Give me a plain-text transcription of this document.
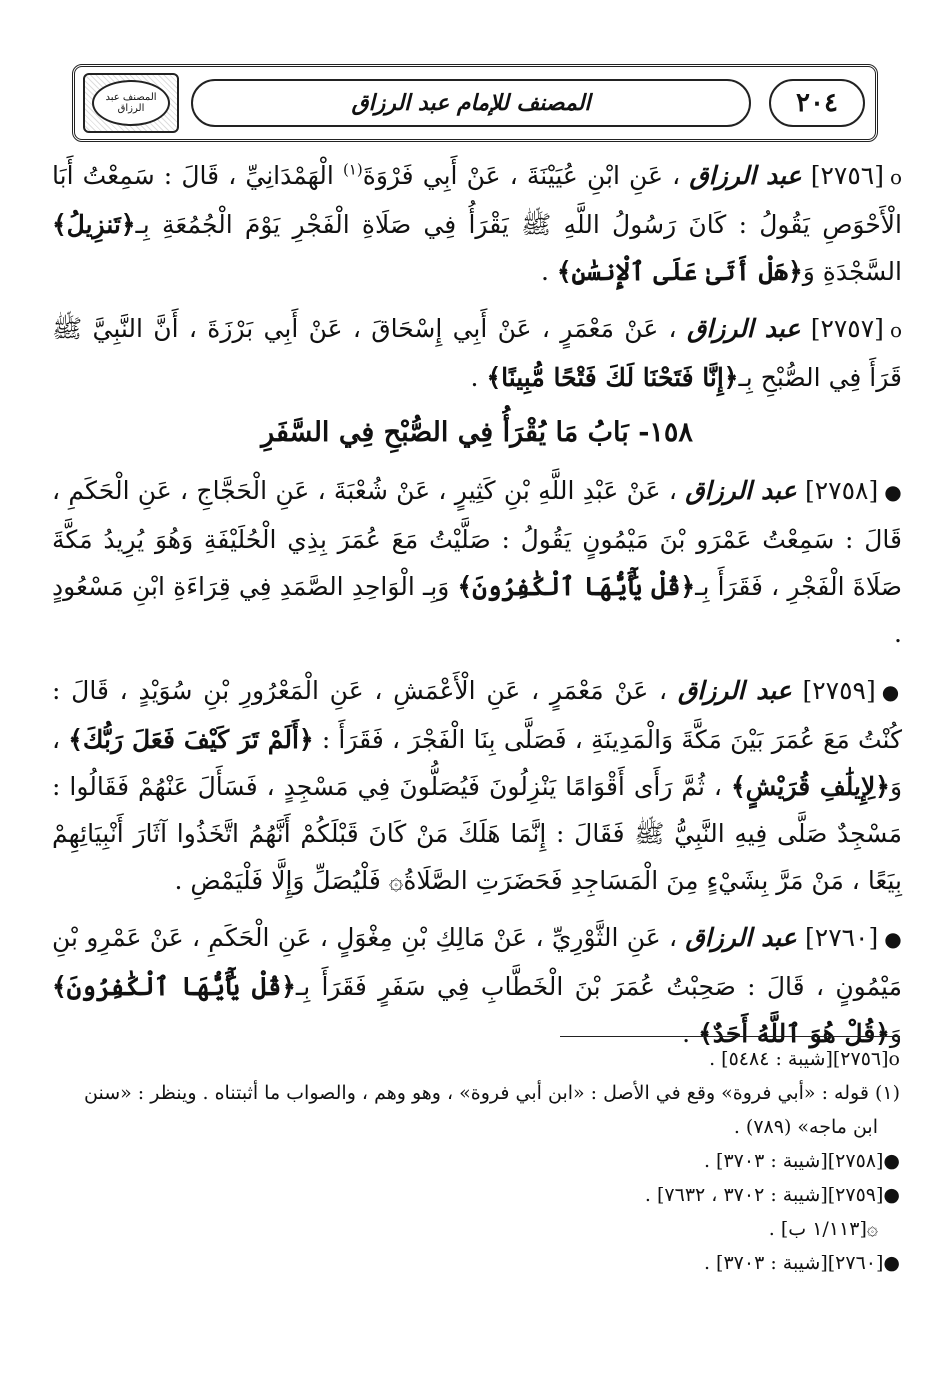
المصنف عبد الرزاق	المصنف للإمام عبد الرزاق	٢٠٤

o[٢٧٥٦] عبد الرزاق ، عَنِ ابْنِ عُيَيْنَةَ ، عَنْ أَبِي فَرْوَةَ$^{(١)}$ الْهَمْدَانِيِّ ، قَالَ : سَمِعْتُ أَبَا الْأَحْوَصِ يَقُولُ : كَانَ رَسُولُ اللَّهِ ﷺ يَقْرَأُ فِي صَلَاةِ الْفَجْرِ يَوْمَ الْجُمُعَةِ بِـ﴿تَنزِيلُ﴾ السَّجْدَةِ وَ﴿هَلْ أَتَىٰ عَلَى ٱلْإِنسَٰنِ﴾ .

o[٢٧٥٧] عبد الرزاق ، عَنْ مَعْمَرٍ ، عَنْ أَبِي إِسْحَاقَ ، عَنْ أَبِي بَرْزَةَ ، أَنَّ النَّبِيَّ ﷺ قَرَأَ فِي الصُّبْحِ بِـ﴿إِنَّا فَتَحْنَا لَكَ فَتْحًا مُّبِينًا﴾ .

١٥٨- بَابُ مَا يُقْرَأُ فِي الصُّبْحِ فِي السَّفَرِ

●[٢٧٥٨] عبد الرزاق ، عَنْ عَبْدِ اللَّهِ بْنِ كَثِيرٍ ، عَنْ شُعْبَةَ ، عَنِ الْحَجَّاجِ ، عَنِ الْحَكَمِ ، قَالَ : سَمِعْتُ عَمْرَو بْنَ مَيْمُونٍ يَقُولُ : صَلَّيْتُ مَعَ عُمَرَ بِذِي الْحُلَيْفَةِ وَهُوَ يُرِيدُ مَكَّةَ صَلَاةَ الْفَجْرِ ، فَقَرَأَ بِـ﴿قُلْ يَٰٓأَيُّهَا ٱلْكَٰفِرُونَ﴾ وَبِـ الْوَاحِدِ الصَّمَدِ فِي قِرَاءَةِ ابْنِ مَسْعُودٍ .

●[٢٧٥٩] عبد الرزاق ، عَنْ مَعْمَرٍ ، عَنِ الْأَعْمَشِ ، عَنِ الْمَعْرُورِ بْنِ سُوَيْدٍ ، قَالَ : كُنْتُ مَعَ عُمَرَ بَيْنَ مَكَّةَ وَالْمَدِينَةِ ، فَصَلَّى بِنَا الْفَجْرَ ، فَقَرَأَ : ﴿أَلَمْ تَرَ كَيْفَ فَعَلَ رَبُّكَ﴾ ، وَ﴿لِإِيلَٰفِ قُرَيْشٍ﴾ ، ثُمَّ رَأَى أَقْوَامًا يَنْزِلُونَ فَيُصَلُّونَ فِي مَسْجِدٍ ، فَسَأَلَ عَنْهُمْ فَقَالُوا : مَسْجِدٌ صَلَّى فِيهِ النَّبِيُّ ﷺ فَقَالَ : إِنَّمَا هَلَكَ مَنْ كَانَ قَبْلَكُمْ أَنَّهُمُ اتَّخَذُوا آثَارَ أَنْبِيَائِهِمْ بِيَعًا ، مَنْ مَرَّ بِشَيْءٍ مِنَ الْمَسَاجِدِ فَحَضَرَتِ الصَّلَاةُ۞ فَلْيُصَلِّ وَإِلَّا فَلْيَمْضِ .

●[٢٧٦٠] عبد الرزاق ، عَنِ الثَّوْرِيِّ ، عَنْ مَالِكِ بْنِ مِغْوَلٍ ، عَنِ الْحَكَمِ ، عَنْ عَمْرِو بْنِ مَيْمُونٍ ، قَالَ : صَحِبْتُ عُمَرَ بْنَ الْخَطَّابِ فِي سَفَرٍ فَقَرَأَ بِـ﴿قُلْ يَٰٓأَيُّهَا ٱلْكَٰفِرُونَ﴾ وَ﴿قُلْ هُوَ ٱللَّهُ أَحَدٌ﴾ .

o[٢٧٥٦][شيبة : ٥٤٨٤] .

(١) قوله : «أبي فروة» وقع في الأصل : «ابن أبي فروة» ، وهو وهم ، والصواب ما أثبتناه . وينظر : «سنن

ابن ماجه» (٧٨٩) .

●[٢٧٥٨][شيبة : ٣٧٠٣] .

●[٢٧٥٩][شيبة : ٣٧٠٢ ، ٧٦٣٢] .

۞[١/١١٣ ب] .

●[٢٧٦٠][شيبة : ٣٧٠٣] .
